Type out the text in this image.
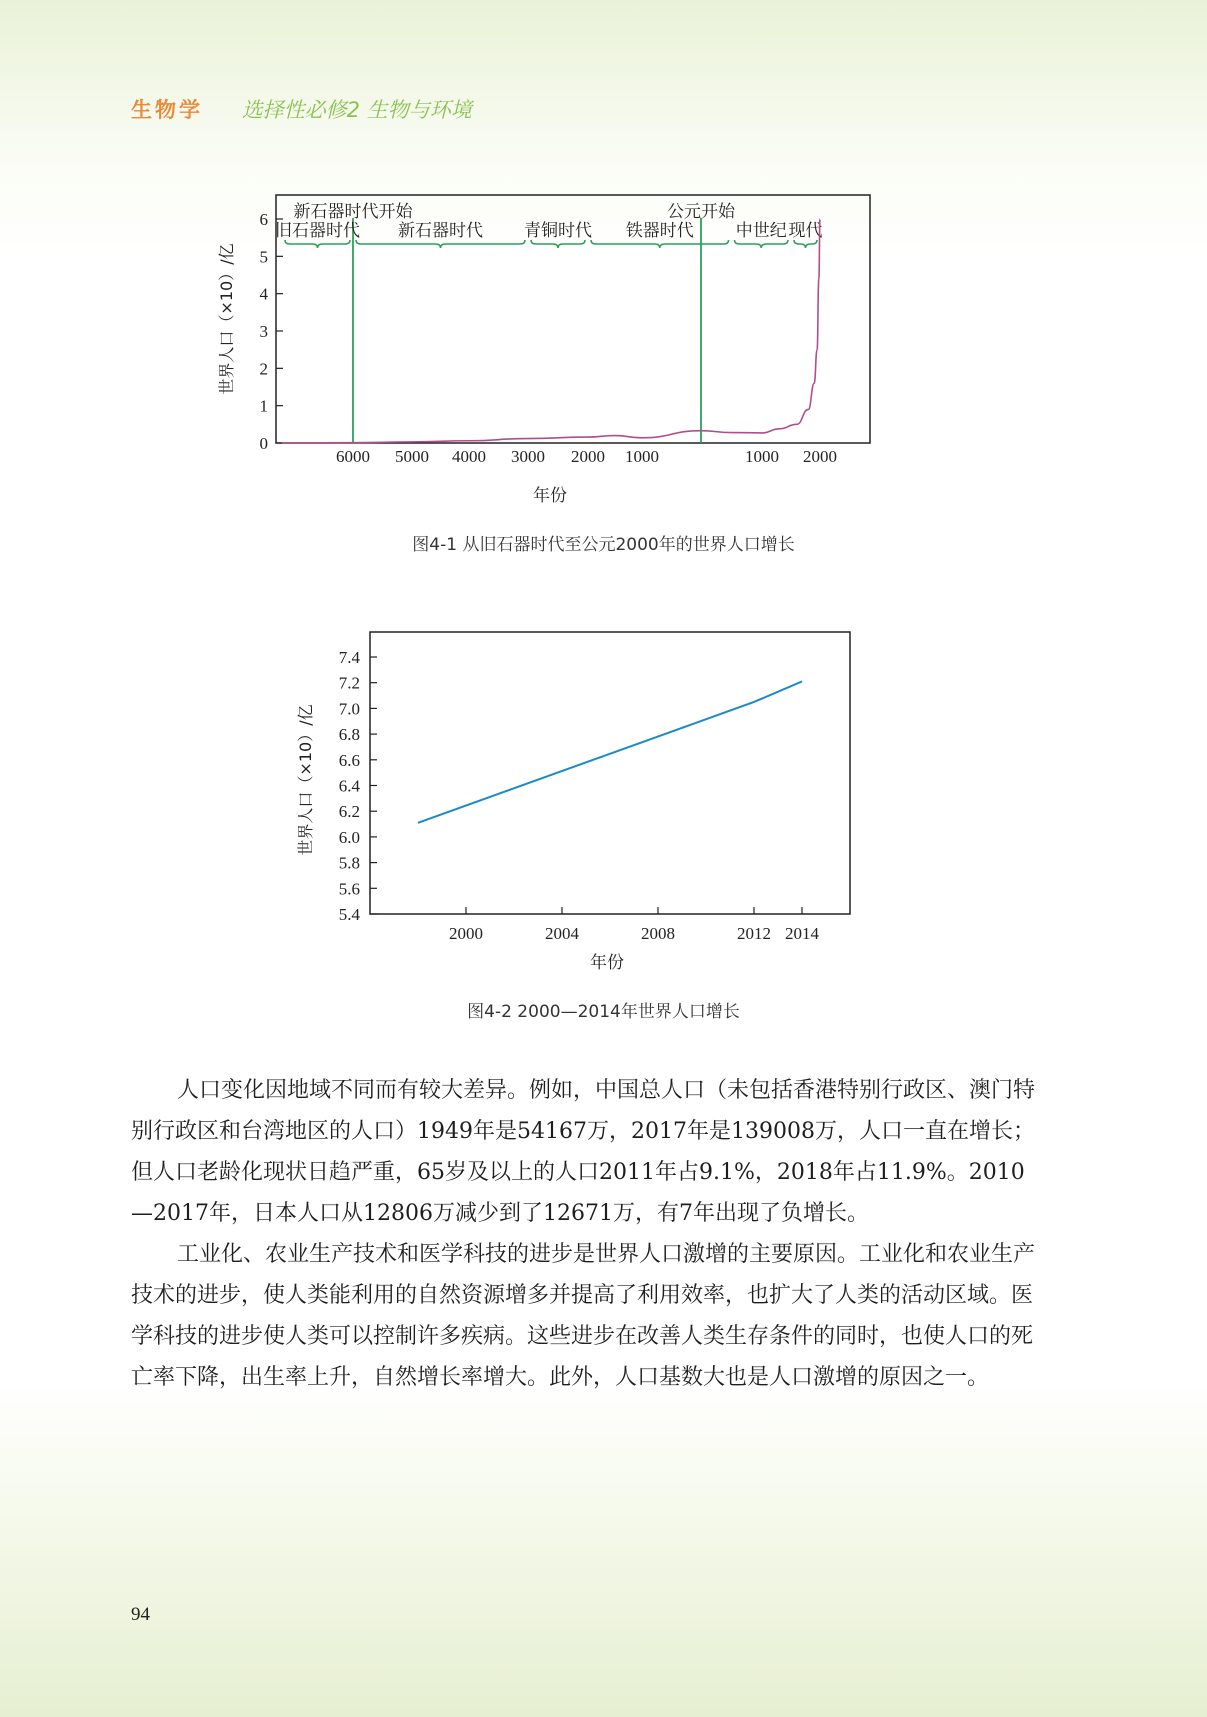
生物学 选择性必修2 生物与环境
世界人口（×10）/亿
年份
0
1
2
3
4
5
6
6000 5000 4000 3000 2000 1000	1000 2000
新石器时代开始	公元开始
旧石器时代 新石器时代 青铜时代 铁器时代 中世纪 现代
图4-1 从旧石器时代至公元2000年的世界人口增长
世界人口（×10）/亿
年份
5.4
5.6
5.8
6.0
6.2
6.4
6.6
6.8
7.0
7.2
7.4
2000	2004	2008	2012 2014
图4-2 2000—2014年世界人口增长

人口变化因地域不同而有较大差异。例如，中国总人口（未包括香港特别行政区、澳门特别行政区和台湾地区的人口）1949年是54167万，2017年是139008万，人口一直在增长；但人口老龄化现状日趋严重，65岁及以上的人口2011年占9.1%，2018年占11.9%。2010—2017年，日本人口从12806万减少到了12671万，有7年出现了负增长。

工业化、农业生产技术和医学科技的进步是世界人口激增的主要原因。工业化和农业生产技术的进步，使人类能利用的自然资源增多并提高了利用效率，也扩大了人类的活动区域。医学科技的进步使人类可以控制许多疾病。这些进步在改善人类生存条件的同时，也使人口的死亡率下降，出生率上升，自然增长率增大。此外，人口基数大也是人口激增的原因之一。

94
